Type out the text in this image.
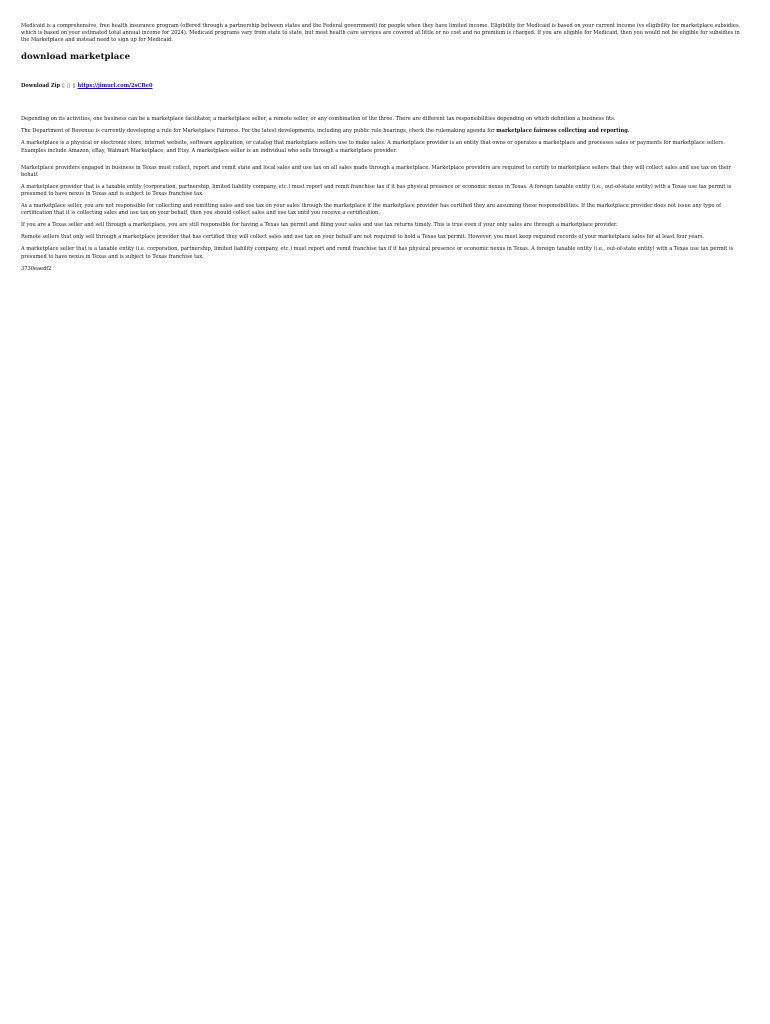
Medicaid is a comprehensive, free health insurance program (offered through a partnership between states and the Federal government) for people when they have limited income. Eligibility for Medicaid is based on your current income (vs eligibility for marketplace subsidies, which is based on your estimated total annual income for 2024). Medicaid programs vary from state to state, but most health care services are covered at little or no cost and no premium is charged. If you are eligible for Medicaid, then you would not be eligible for subsidies in the Marketplace and instead need to sign up for Medicaid.

download marketplace

Download Zip ▯ ▯ ▯ https://jimurl.com/2sCBe0

Depending on its activities, one business can be a marketplace facilitator, a marketplace seller, a remote seller, or any combination of the three. There are different tax responsibilities depending on which definition a business fits.

The Department of Revenue is currently developing a rule for Marketplace Fairness. For the latest developments, including any public rule hearings, check the rulemaking agenda for marketplace fairness collecting and reporting.

A marketplace is a physical or electronic store, internet website, software application, or catalog that marketplace sellers use to make sales. A marketplace provider is an entity that owns or operates a marketplace and processes sales or payments for marketplace sellers. Examples include Amazon, eBay, Walmart Marketplace, and Etsy. A marketplace seller is an individual who sells through a marketplace provider.

Marketplace providers engaged in business in Texas must collect, report and remit state and local sales and use tax on all sales made through a marketplace. Marketplace providers are required to certify to marketplace sellers that they will collect sales and use tax on their behalf.

A marketplace provider that is a taxable entity (corporation, partnership, limited liability company, etc.) must report and remit franchise tax if it has physical presence or economic nexus in Texas. A foreign taxable entity (i.e., out-of-state entity) with a Texas use tax permit is presumed to have nexus in Texas and is subject to Texas franchise tax.

As a marketplace seller, you are not responsible for collecting and remitting sales and use tax on your sales through the marketplace if the marketplace provider has certified they are assuming these responsibilities. If the marketplace provider does not issue any type of certification that it is collecting sales and use tax on your behalf, then you should collect sales and use tax until you receive a certification.

If you are a Texas seller and sell through a marketplace, you are still responsible for having a Texas tax permit and filing your sales and use tax returns timely. This is true even if your only sales are through a marketplace provider.

Remote sellers that only sell through a marketplace provider that has certified they will collect sales and use tax on your behalf are not required to hold a Texas tax permit. However, you must keep required records of your marketplace sales for at least four years.

A marketplace seller that is a taxable entity (i.e. corporation, partnership, limited liability company, etc.) must report and remit franchise tax if it has physical presence or economic nexus in Texas. A foreign taxable entity (i.e., out-of-state entity) with a Texas use tax permit is presumed to have nexus in Texas and is subject to Texas franchise tax.

3730eaedf2
